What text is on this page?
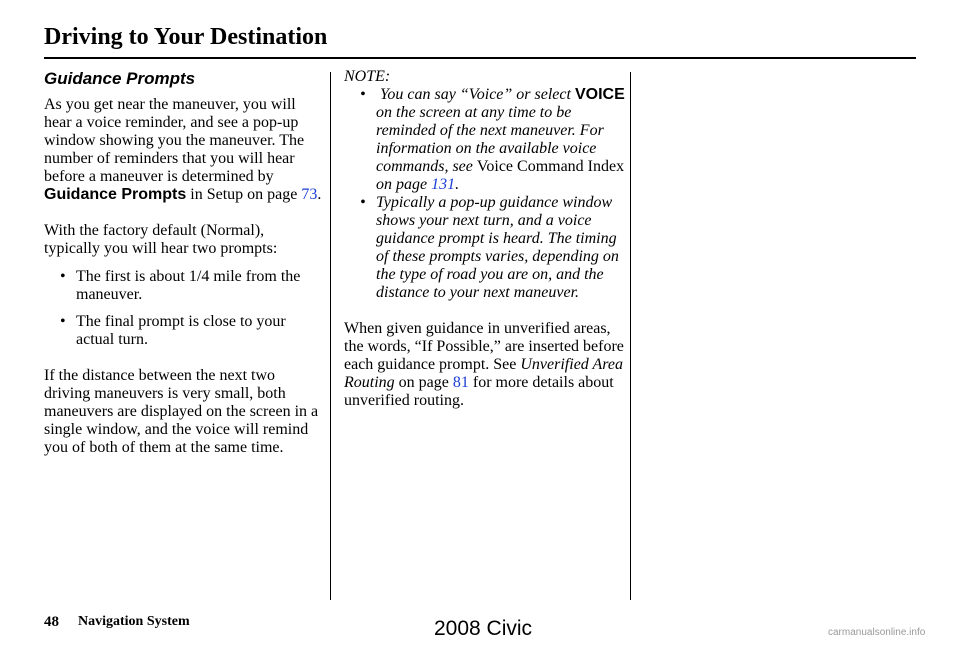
Driving to Your Destination
Guidance Prompts

As you get near the maneuver, you will hear a voice reminder, and see a pop-up window showing you the maneuver. The number of reminders that you will hear before a maneuver is determined by Guidance Prompts in Setup on page 73.

With the factory default (Normal), typically you will hear two prompts:

• The first is about 1/4 mile from the maneuver.
• The final prompt is close to your actual turn.

If the distance between the next two driving maneuvers is very small, both maneuvers are displayed on the screen in a single window, and the voice will remind you of both of them at the same time.

NOTE:

• You can say “Voice” or select VOICE on the screen at any time to be reminded of the next maneuver. For information on the available voice commands, see Voice Command Index on page 131.
• Typically a pop-up guidance window shows your next turn, and a voice guidance prompt is heard. The timing of these prompts varies, depending on the type of road you are on, and the distance to your next maneuver.

When given guidance in unverified areas, the words, “If Possible,” are inserted before each guidance prompt. See Unverified Area Routing on page 81 for more details about unverified routing.

48 Navigation System	2008 Civic	carmanualsonline.info
